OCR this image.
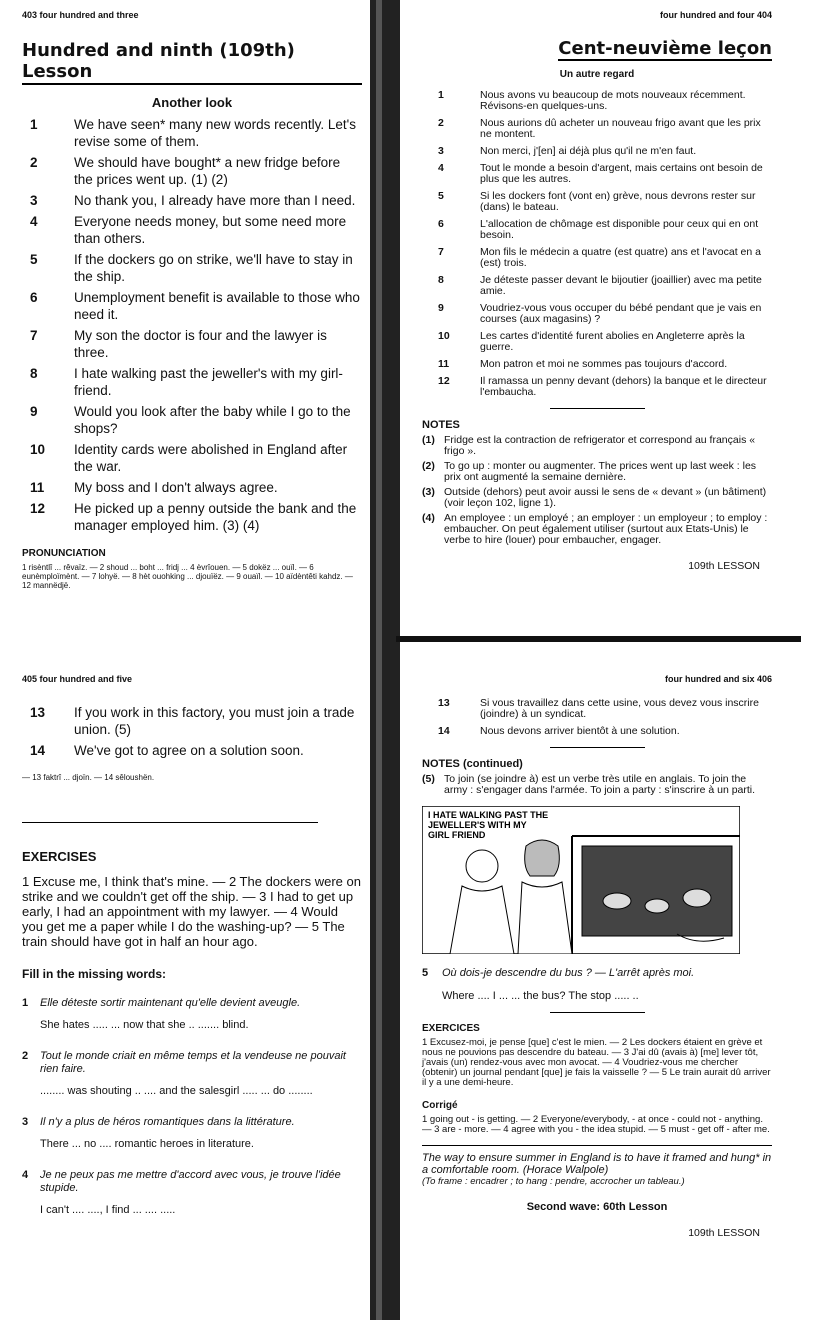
403 four hundred and three
Hundred and ninth (109th) Lesson
Another look
1	We have seen* many new words recently. Let's revise some of them.
2	We should have bought* a new fridge before the prices went up. (1) (2)
3	No thank you, I already have more than I need.
4	Everyone needs money, but some need more than others.
5	If the dockers go on strike, we'll have to stay in the ship.
6	Unemployment benefit is available to those who need it.
7	My son the doctor is four and the lawyer is three.
8	I hate walking past the jeweller's with my girl-friend.
9	Would you look after the baby while I go to the shops?
10	Identity cards were abolished in England after the war.
11	My boss and I don't always agree.
12	He picked up a penny outside the bank and the manager employed him. (3) (4)
PRONUNCIATION
1 risèntlî ... rêvaïz. — 2 shoud ... boht ... fridj ... 4 èvrîouen. — 5 dokëz ... ouïl. — 6 eunèmploïmènt. — 7 lohyë. — 8 hèt ouohking ... djouïëz. — 9 ouaïl. — 10 aïdèntêti kahdz. — 12 mannëdjë.
four hundred and four 404
Cent-neuvième leçon
Un autre regard
1	Nous avons vu beaucoup de mots nouveaux récemment. Révisons-en quelques-uns.
2	Nous aurions dû acheter un nouveau frigo avant que les prix ne montent.
3	Non merci, j'[en] ai déjà plus qu'il ne m'en faut.
4	Tout le monde a besoin d'argent, mais certains ont besoin de plus que les autres.
5	Si les dockers font (vont en) grève, nous devrons rester sur (dans) le bateau.
6	L'allocation de chômage est disponible pour ceux qui en ont besoin.
7	Mon fils le médecin a quatre (est quatre) ans et l'avocat en a (est) trois.
8	Je déteste passer devant le bijoutier (joaillier) avec ma petite amie.
9	Voudriez-vous vous occuper du bébé pendant que je vais en courses (aux magasins) ?
10	Les cartes d'identité furent abolies en Angleterre après la guerre.
11	Mon patron et moi ne sommes pas toujours d'accord.
12	Il ramassa un penny devant (dehors) la banque et le directeur l'embaucha.
NOTES
(1) Fridge est la contraction de refrigerator et correspond au français « frigo ».
(2) To go up : monter ou augmenter. The prices went up last week : les prix ont augmenté la semaine dernière.
(3) Outside (dehors) peut avoir aussi le sens de « devant » (un bâtiment) (voir leçon 102, ligne 1).
(4) An employee : un employé ; an employer : un employeur ; to employ : embaucher. On peut également utiliser (surtout aux Etats-Unis) le verbe to hire (louer) pour embaucher, engager.
109th LESSON
405 four hundred and five
13	If you work in this factory, you must join a trade union. (5)
14	We've got to agree on a solution soon.
— 13 faktrî ... djoïn. — 14 sêloushën.
EXERCISES
1 Excuse me, I think that's mine. — 2 The dockers were on strike and we couldn't get off the ship. — 3 I had to get up early, I had an appointment with my lawyer. — 4 Would you get me a paper while I do the washing-up? — 5 The train should have got in half an hour ago.
Fill in the missing words:
1	Elle déteste sortir maintenant qu'elle devient aveugle.
She hates ..... ... now that she .. ....... blind.
2	Tout le monde criait en même temps et la vendeuse ne pouvait rien faire.
........ was shouting .. .... and the salesgirl ..... ... do ........
3	Il n'y a plus de héros romantiques dans la littérature.
There ... no .... romantic heroes in literature.
4	Je ne peux pas me mettre d'accord avec vous, je trouve l'idée stupide.
I can't .... ...., I find ... .... .....
four hundred and six 406
13	Si vous travaillez dans cette usine, vous devez vous inscrire (joindre) à un syndicat.
14	Nous devons arriver bientôt à une solution.
NOTES (continued)
(5) To join (se joindre à) est un verbe très utile en anglais. To join the army : s'engager dans l'armée. To join a party : s'inscrire à un parti.
I HATE WALKING PAST THE
JEWELLER'S WITH MY
GIRL FRIEND
5	Où dois-je descendre du bus ? — L'arrêt après moi.
Where .... I ... ... the bus? The stop ..... ..
EXERCICES
1 Excusez-moi, je pense [que] c'est le mien. — 2 Les dockers étaient en grève et nous ne pouvions pas descendre du bateau. — 3 J'ai dû (avais à) [me] lever tôt, j'avais (un) rendez-vous avec mon avocat. — 4 Voudriez-vous me chercher (obtenir) un journal pendant [que] je fais la vaisselle ? — 5 Le train aurait dû arriver il y a une demi-heure.
Corrigé
1 going out - is getting. — 2 Everyone/everybody, - at once - could not - anything. — 3 are - more. — 4 agree with you - the idea stupid. — 5 must - get off - after me.
The way to ensure summer in England is to have it framed and hung* in a comfortable room. (Horace Walpole)
(To frame : encadrer ; to hang : pendre, accrocher un tableau.)
Second wave: 60th Lesson
109th LESSON
